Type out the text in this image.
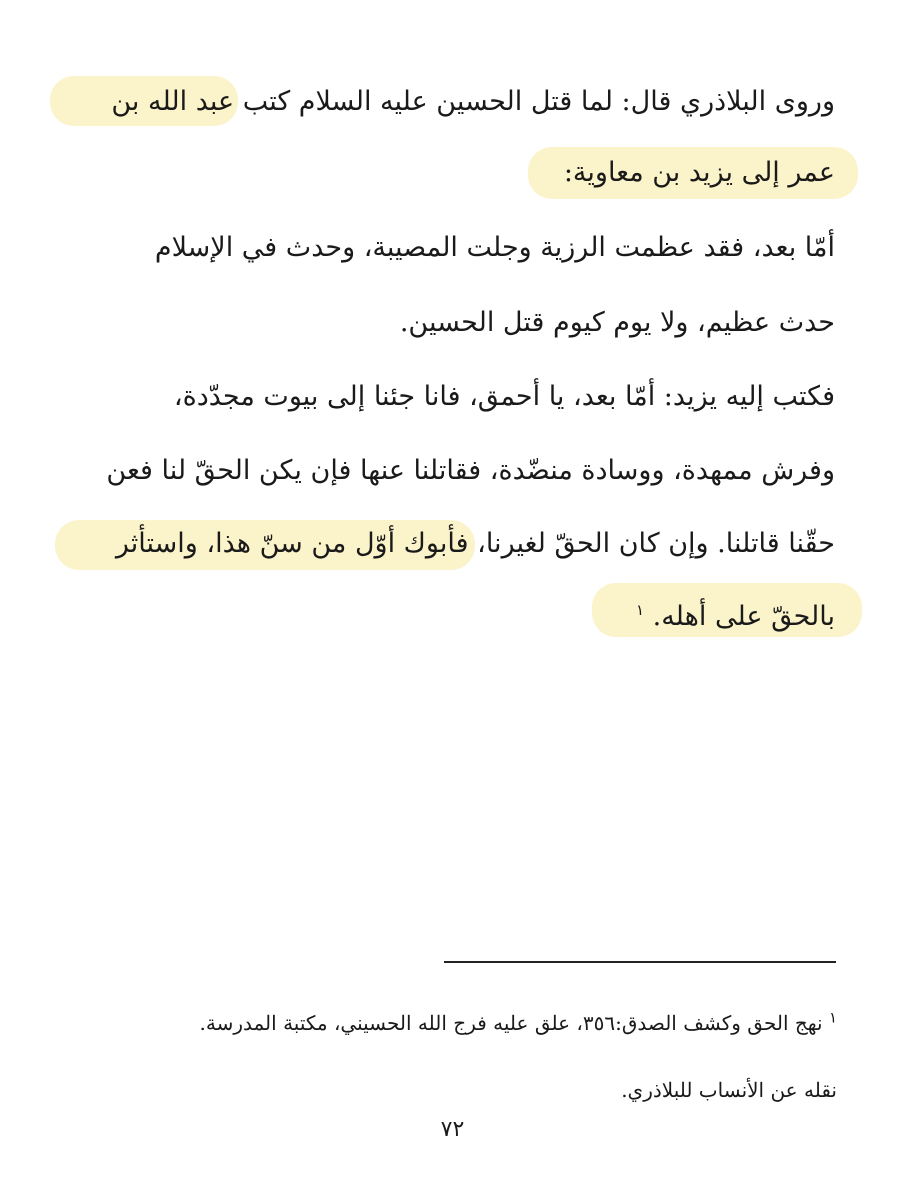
وروى البلاذري قال: لما قتل الحسين عليه السلام كتب عبد الله بن
عمر إلى يزيد بن معاوية:
أمّا بعد، فقد عظمت الرزية وجلت المصيبة، وحدث في الإسلام
حدث عظيم، ولا يوم كيوم قتل الحسين.
فكتب إليه يزيد: أمّا بعد، يا أحمق، فانا جئنا إلى بيوت مجدّدة،
وفرش ممهدة، ووسادة منضّدة، فقاتلنا عنها فإن يكن الحقّ لنا فعن
حقّنا قاتلنا. وإن كان الحقّ لغيرنا، فأبوك أوّل من سنّ هذا، واستأثر
بالحقّ على أهله. $^١$
$^١$ نهج الحق وكشف الصدق:٣٥٦، علق عليه فرج الله الحسيني، مكتبة المدرسة.
نقله عن الأنساب للبلاذري.
٧٢
